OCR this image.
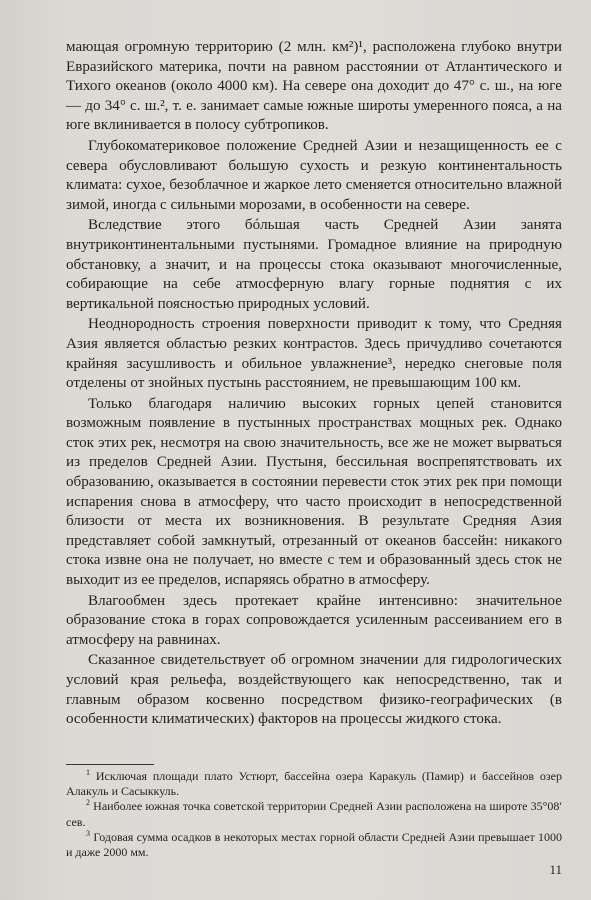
мающая огромную территорию (2 млн. км²)¹, расположена глубоко внутри Евразийского материка, почти на равном расстоянии от Атлантического и Тихого океанов (около 4000 км). На севере она доходит до 47° с. ш., на юге — до 34° с. ш.², т. е. занимает самые южные широты умеренного пояса, а на юге вклинивается в полосу субтропиков.

Глубокоматериковое положение Средней Азии и незащищенность ее с севера обусловливают большую сухость и резкую континентальность климата: сухое, безоблачное и жаркое лето сменяется относительно влажной зимой, иногда с сильными морозами, в особенности на севере.

Вследствие этого бóльшая часть Средней Азии занята внутриконтинентальными пустынями. Громадное влияние на природную обстановку, а значит, и на процессы стока оказывают многочисленные, собирающие на себе атмосферную влагу горные поднятия с их вертикальной поясностью природных условий.

Неоднородность строения поверхности приводит к тому, что Средняя Азия является областью резких контрастов. Здесь причудливо сочетаются крайняя засушливость и обильное увлажнение³, нередко снеговые поля отделены от знойных пустынь расстоянием, не превышающим 100 км.

Только благодаря наличию высоких горных цепей становится возможным появление в пустынных пространствах мощных рек. Однако сток этих рек, несмотря на свою значительность, все же не может вырваться из пределов Средней Азии. Пустыня, бессильная воспрепятствовать их образованию, оказывается в состоянии перевести сток этих рек при помощи испарения снова в атмосферу, что часто происходит в непосредственной близости от места их возникновения. В результате Средняя Азия представляет собой замкнутый, отрезанный от океанов бассейн: никакого стока извне она не получает, но вместе с тем и образованный здесь сток не выходит из ее пределов, испаряясь обратно в атмосферу.

Влагообмен здесь протекает крайне интенсивно: значительное образование стока в горах сопровождается усиленным рассеиванием его в атмосферу на равнинах.

Сказанное свидетельствует об огромном значении для гидрологических условий края рельефа, воздействующего как непосредственно, так и главным образом косвенно посредством физико-географических (в особенности климатических) факторов на процессы жидкого стока.

$^1$ Исключая площади плато Устюрт, бассейна озера Каракуль (Памир) и бассейнов озер Алакуль и Сасыккуль.

$^2$ Наиболее южная точка советской территории Средней Азии расположена на широте 35°08′ сев.

$^3$ Годовая сумма осадков в некоторых местах горной области Средней Азии превышает 1000 и даже 2000 мм.

11
